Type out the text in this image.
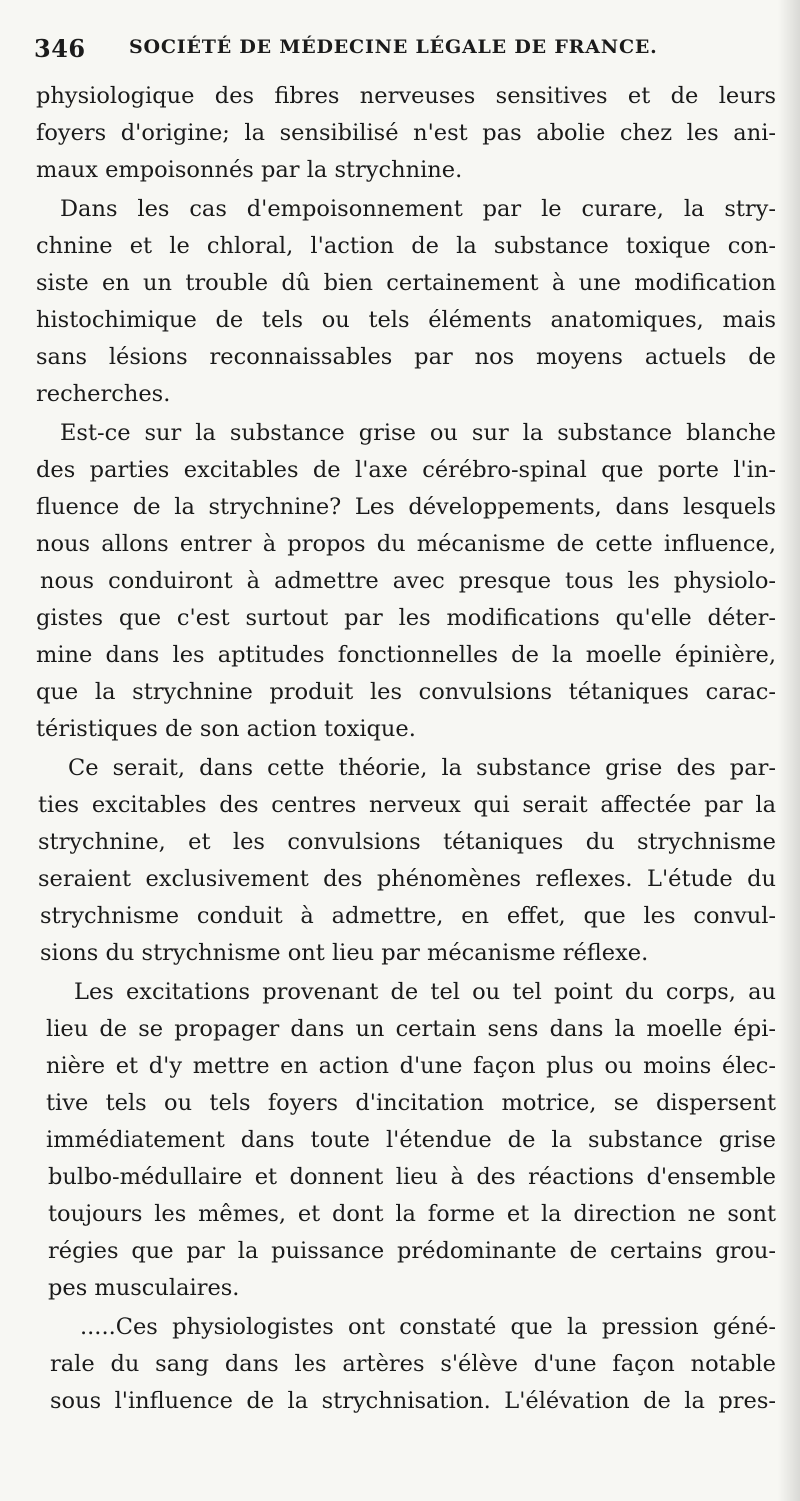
346 SOCIÉTÉ DE MÉDECINE LÉGALE DE FRANCE.
physiologique des fibres nerveuses sensitives et de leurs
foyers d'origine; la sensibilisé n'est pas abolie chez les ani-
maux empoisonnés par la strychnine.
Dans les cas d'empoisonnement par le curare, la stry-
chnine et le chloral, l'action de la substance toxique con-
siste en un trouble dû bien certainement à une modification
histochimique de tels ou tels éléments anatomiques, mais
sans lésions reconnaissables par nos moyens actuels de
recherches.
Est-ce sur la substance grise ou sur la substance blanche
des parties excitables de l'axe cérébro-spinal que porte l'in-
fluence de la strychnine? Les développements, dans lesquels
nous allons entrer à propos du mécanisme de cette influence,
nous conduiront à admettre avec presque tous les physiolo-
gistes que c'est surtout par les modifications qu'elle déter-
mine dans les aptitudes fonctionnelles de la moelle épinière,
que la strychnine produit les convulsions tétaniques carac-
téristiques de son action toxique.
Ce serait, dans cette théorie, la substance grise des par-
ties excitables des centres nerveux qui serait affectée par la
strychnine, et les convulsions tétaniques du strychnisme
seraient exclusivement des phénomènes reflexes. L'étude du
strychnisme conduit à admettre, en effet, que les convul-
sions du strychnisme ont lieu par mécanisme réflexe.
Les excitations provenant de tel ou tel point du corps, au
lieu de se propager dans un certain sens dans la moelle épi-
nière et d'y mettre en action d'une façon plus ou moins élec-
tive tels ou tels foyers d'incitation motrice, se dispersent
immédiatement dans toute l'étendue de la substance grise
bulbo-médullaire et donnent lieu à des réactions d'ensemble
toujours les mêmes, et dont la forme et la direction ne sont
régies que par la puissance prédominante de certains grou-
pes musculaires.
.....Ces physiologistes ont constaté que la pression géné-
rale du sang dans les artères s'élève d'une façon notable
sous l'influence de la strychnisation. L'élévation de la pres-
